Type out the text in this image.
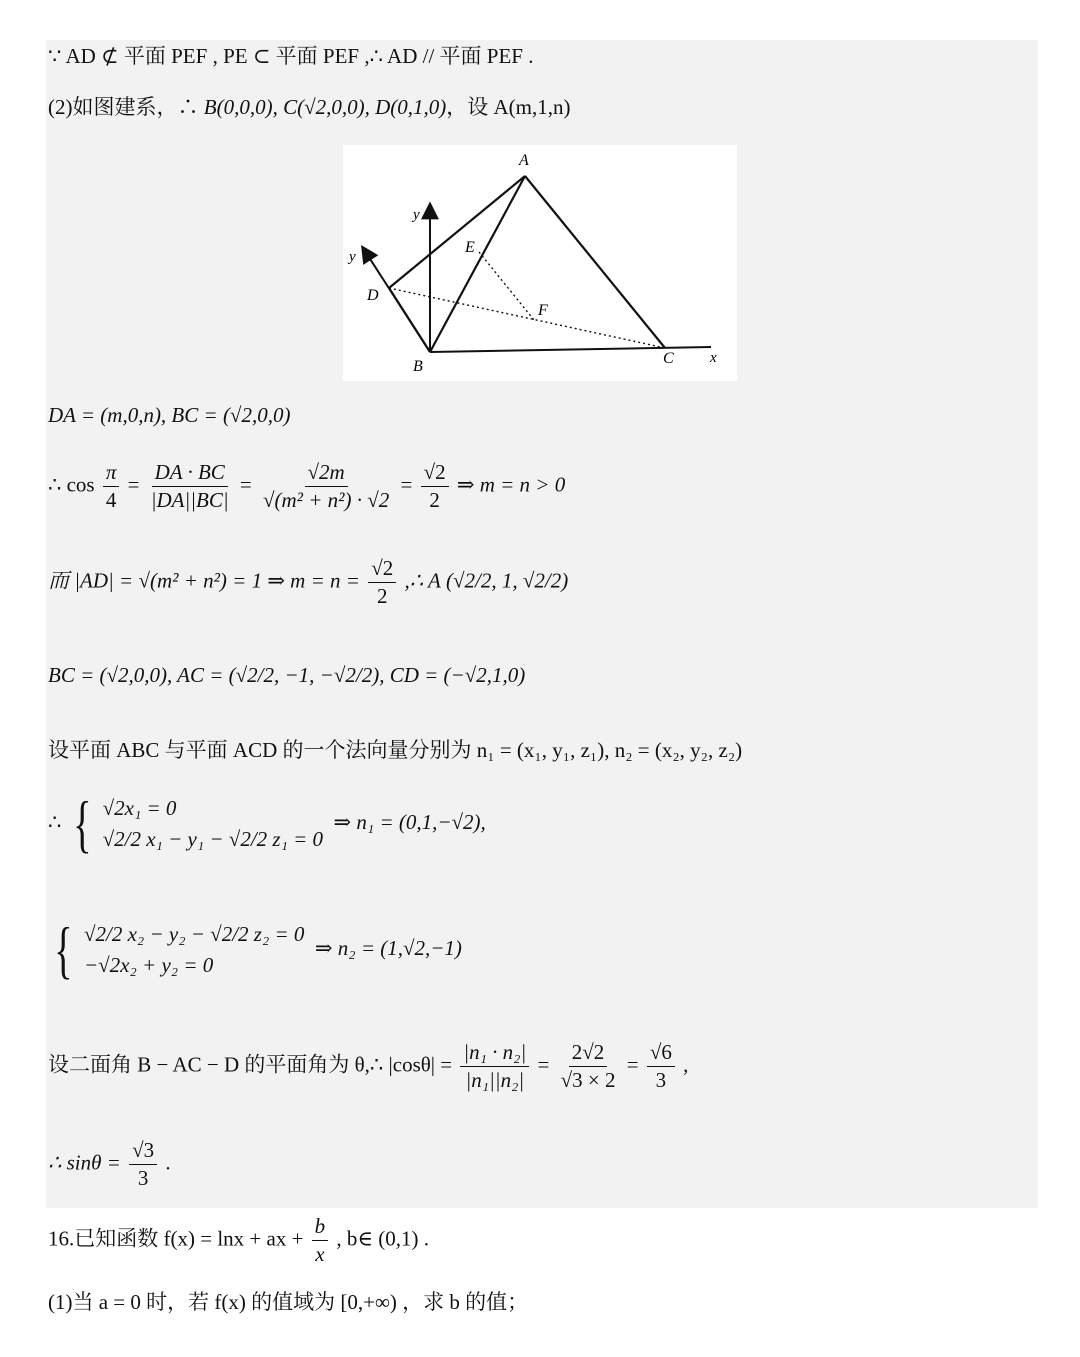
∵ AD ⊄ 平面 PEF , PE ⊂ 平面 PEF ,∴ AD // 平面 PEF .
(2)如图建系，∴ B(0,0,0), C(√2,0,0), D(0,1,0)，设 A(m,1,n)
A
B	C
D
E
F
x
y
y
DA = (m,0,n), BC = (√2,0,0)
∴ $\cos \frac{\pi}{4} = \frac{DA \cdot BC}{|DA||BC|} = \frac{√2m}{\text{√(m² + n²) · √2}} = \frac{√2}{2}$ ⇒ m = n > 0
而 |AD| = √(m² + n²) = 1 ⇒ $m = n = \frac{√2}{2}$ ,∴ A (√2/2, 1, √2/2)
BC = (√2,0,0), AC = (√2/2, −1, −√2/2), CD = (−√2,1,0)
设平面 ABC 与平面 ACD 的一个法向量分别为 n₁ = (x₁, y₁, z₁), n₂ = (x₂, y₂, z₂)
∴ { √2x₁ = 0
√2/2 x₁ − y₁ − √2/2 z₁ = 0
⇒ n₁ = (0,1,−√2),
{ √2/2 x₂ − y₂ − √2/2 z₂ = 0
−√2x₂ + y₂ = 0
⇒ n₂ = (1,√2,−1)
设二面角 B − AC − D 的平面角为 θ,∴ $|\cos\theta| = \frac{\text{|n₁ · n₂|}}{\text{|n₁||n₂|}} = \frac{2√2}{√3 \times 2} = \frac{√6}{3}$ ,
∴ $\sin\theta = \frac{√3}{3}$ .
16.已知函数 f(x) = lnx + ax + $\frac{b}{x}$ , b∈ (0,1) .
(1)当 a = 0 时，若 f(x) 的值域为 [0,+∞) ，求 b 的值；
